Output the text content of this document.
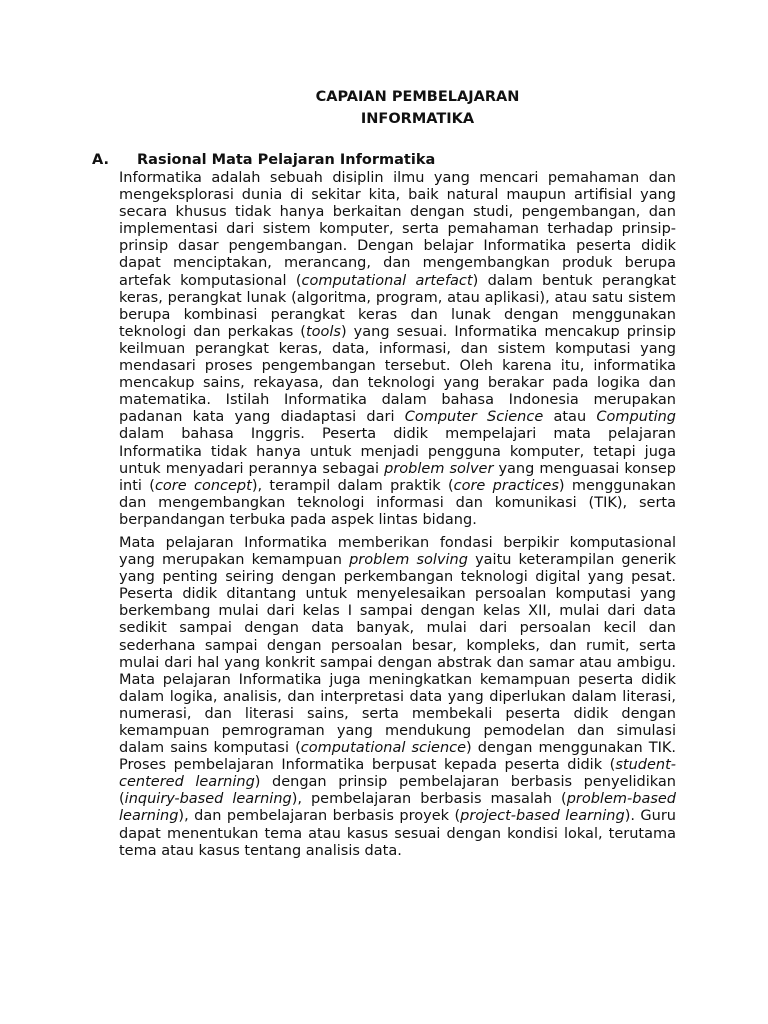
CAPAIAN PEMBELAJARAN
INFORMATIKA
A. Rasional Mata Pelajaran Informatika

Informatika adalah sebuah disiplin ilmu yang mencari pemahaman dan mengeksplorasi dunia di sekitar kita, baik natural maupun artifisial yang secara khusus tidak hanya berkaitan dengan studi, pengembangan, dan implementasi dari sistem komputer, serta pemahaman terhadap prinsip-prinsip dasar pengembangan. Dengan belajar Informatika peserta didik dapat menciptakan, merancang, dan mengembangkan produk berupa artefak komputasional (computational artefact) dalam bentuk perangkat keras, perangkat lunak (algoritma, program, atau aplikasi), atau satu sistem berupa kombinasi perangkat keras dan lunak dengan menggunakan teknologi dan perkakas (tools) yang sesuai. Informatika mencakup prinsip keilmuan perangkat keras, data, informasi, dan sistem komputasi yang mendasari proses pengembangan tersebut. Oleh karena itu, informatika mencakup sains, rekayasa, dan teknologi yang berakar pada logika dan matematika. Istilah Informatika dalam bahasa Indonesia merupakan padanan kata yang diadaptasi dari Computer Science atau Computing dalam bahasa Inggris. Peserta didik mempelajari mata pelajaran Informatika tidak hanya untuk menjadi pengguna komputer, tetapi juga untuk menyadari perannya sebagai problem solver yang menguasai konsep inti (core concept), terampil dalam praktik (core practices) menggunakan dan mengembangkan teknologi informasi dan komunikasi (TIK), serta berpandangan terbuka pada aspek lintas bidang.

Mata pelajaran Informatika memberikan fondasi berpikir komputasional yang merupakan kemampuan problem solving yaitu keterampilan generik yang penting seiring dengan perkembangan teknologi digital yang pesat. Peserta didik ditantang untuk menyelesaikan persoalan komputasi yang berkembang mulai dari kelas I sampai dengan kelas XII, mulai dari data sedikit sampai dengan data banyak, mulai dari persoalan kecil dan sederhana sampai dengan persoalan besar, kompleks, dan rumit, serta mulai dari hal yang konkrit sampai dengan abstrak dan samar atau ambigu. Mata pelajaran Informatika juga meningkatkan kemampuan peserta didik dalam logika, analisis, dan interpretasi data yang diperlukan dalam literasi, numerasi, dan literasi sains, serta membekali peserta didik dengan kemampuan pemrograman yang mendukung pemodelan dan simulasi dalam sains komputasi (computational science) dengan menggunakan TIK. Proses pembelajaran Informatika berpusat kepada peserta didik (student-centered learning) dengan prinsip pembelajaran berbasis penyelidikan (inquiry-based learning), pembelajaran berbasis masalah (problem-based learning), dan pembelajaran berbasis proyek (project-based learning). Guru dapat menentukan tema atau kasus sesuai dengan kondisi lokal, terutama tema atau kasus tentang analisis data.
